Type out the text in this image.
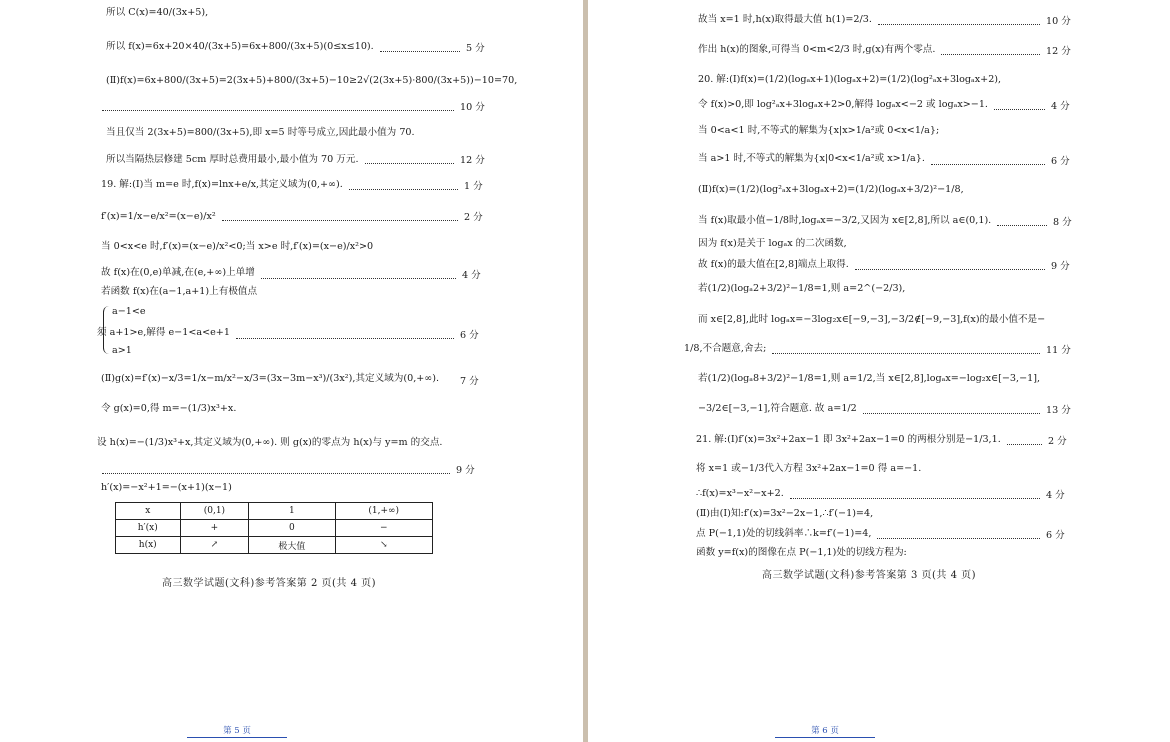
所以 C(x)=40/(3x+5),
所以 f(x)=6x+20×40/(3x+5)=6x+800/(3x+5)(0≤x≤10).	5 分
(Ⅱ)f(x)=6x+800/(3x+5)=2(3x+5)+800/(3x+5)−10≥2√(2(3x+5)·800/(3x+5))−10=70,
10 分
当且仅当 2(3x+5)=800/(3x+5),即 x=5 时等号成立,因此最小值为 70.
所以当隔热层修建 5cm 厚时总费用最小,最小值为 70 万元.	12 分
19. 解:(Ⅰ)当 m=e 时,f(x)=lnx+e/x,其定义域为(0,+∞).	1 分
f′(x)=1/x−e/x²=(x−e)/x²	2 分
当 0<x<e 时,f′(x)=(x−e)/x²<0;当 x>e 时,f′(x)=(x−e)/x²>0
故 f(x)在(0,e)单减,在(e,+∞)上单增	4 分
若函数 f(x)在(a−1,a+1)上有极值点
a−1<e
须 a+1>e,解得 e−1<a<e+1	6 分
a>1
(Ⅱ)g(x)=f′(x)−x/3=1/x−m/x²−x/3=(3x−3m−x³)/(3x²),其定义域为(0,+∞). 7 分
令 g(x)=0,得 m=−(1/3)x³+x.
设 h(x)=−(1/3)x³+x,其定义域为(0,+∞). 则 g(x)的零点为 h(x)与 y=m 的交点.
9 分
h′(x)=−x²+1=−(x+1)(x−1)
x	(0,1)	1	(1,+∞)
h′(x)	+	0	−
h(x)	↗	极大值	↘
高三数学试题(文科)参考答案第 2 页(共 4 页)
第 5 页
故当 x=1 时,h(x)取得最大值 h(1)=2/3.	10 分
作出 h(x)的图象,可得当 0<m<2/3 时,g(x)有两个零点.	12 分
20. 解:(Ⅰ)f(x)=(1/2)(logₐx+1)(logₐx+2)=(1/2)(log²ₐx+3logₐx+2),
令 f(x)>0,即 log²ₐx+3logₐx+2>0,解得 logₐx<−2 或 logₐx>−1.	4 分
当 0<a<1 时,不等式的解集为{x|x>1/a²或 0<x<1/a};
当 a>1 时,不等式的解集为{x|0<x<1/a²或 x>1/a}.	6 分
(Ⅱ)f(x)=(1/2)(log²ₐx+3logₐx+2)=(1/2)(logₐx+3/2)²−1/8,
当 f(x)取最小值−1/8时,logₐx=−3/2,又因为 x∈[2,8],所以 a∈(0,1).	8 分
因为 f(x)是关于 logₐx 的二次函数,
故 f(x)的最大值在[2,8]端点上取得.	9 分
若(1/2)(logₐ2+3/2)²−1/8=1,则 a=2^(−2/3),
而 x∈[2,8],此时 logₐx=−3log₂x∈[−9,−3],−3/2∉[−9,−3],f(x)的最小值不是−
1/8,不合题意,舍去;	11 分
若(1/2)(logₐ8+3/2)²−1/8=1,则 a=1/2,当 x∈[2,8],logₐx=−log₂x∈[−3,−1],
−3/2∈[−3,−1],符合题意. 故 a=1/2	13 分
21. 解:(Ⅰ)f′(x)=3x²+2ax−1 即 3x²+2ax−1=0 的两根分别是−1/3,1.	2 分
将 x=1 或−1/3代入方程 3x²+2ax−1=0 得 a=−1.
∴f(x)=x³−x²−x+2.	4 分
(Ⅱ)由(Ⅰ)知:f′(x)=3x²−2x−1,∴f′(−1)=4,
点 P(−1,1)处的切线斜率∴k=f′(−1)=4,	6 分
函数 y=f(x)的图像在点 P(−1,1)处的切线方程为:
高三数学试题(文科)参考答案第 3 页(共 4 页)
第 6 页
